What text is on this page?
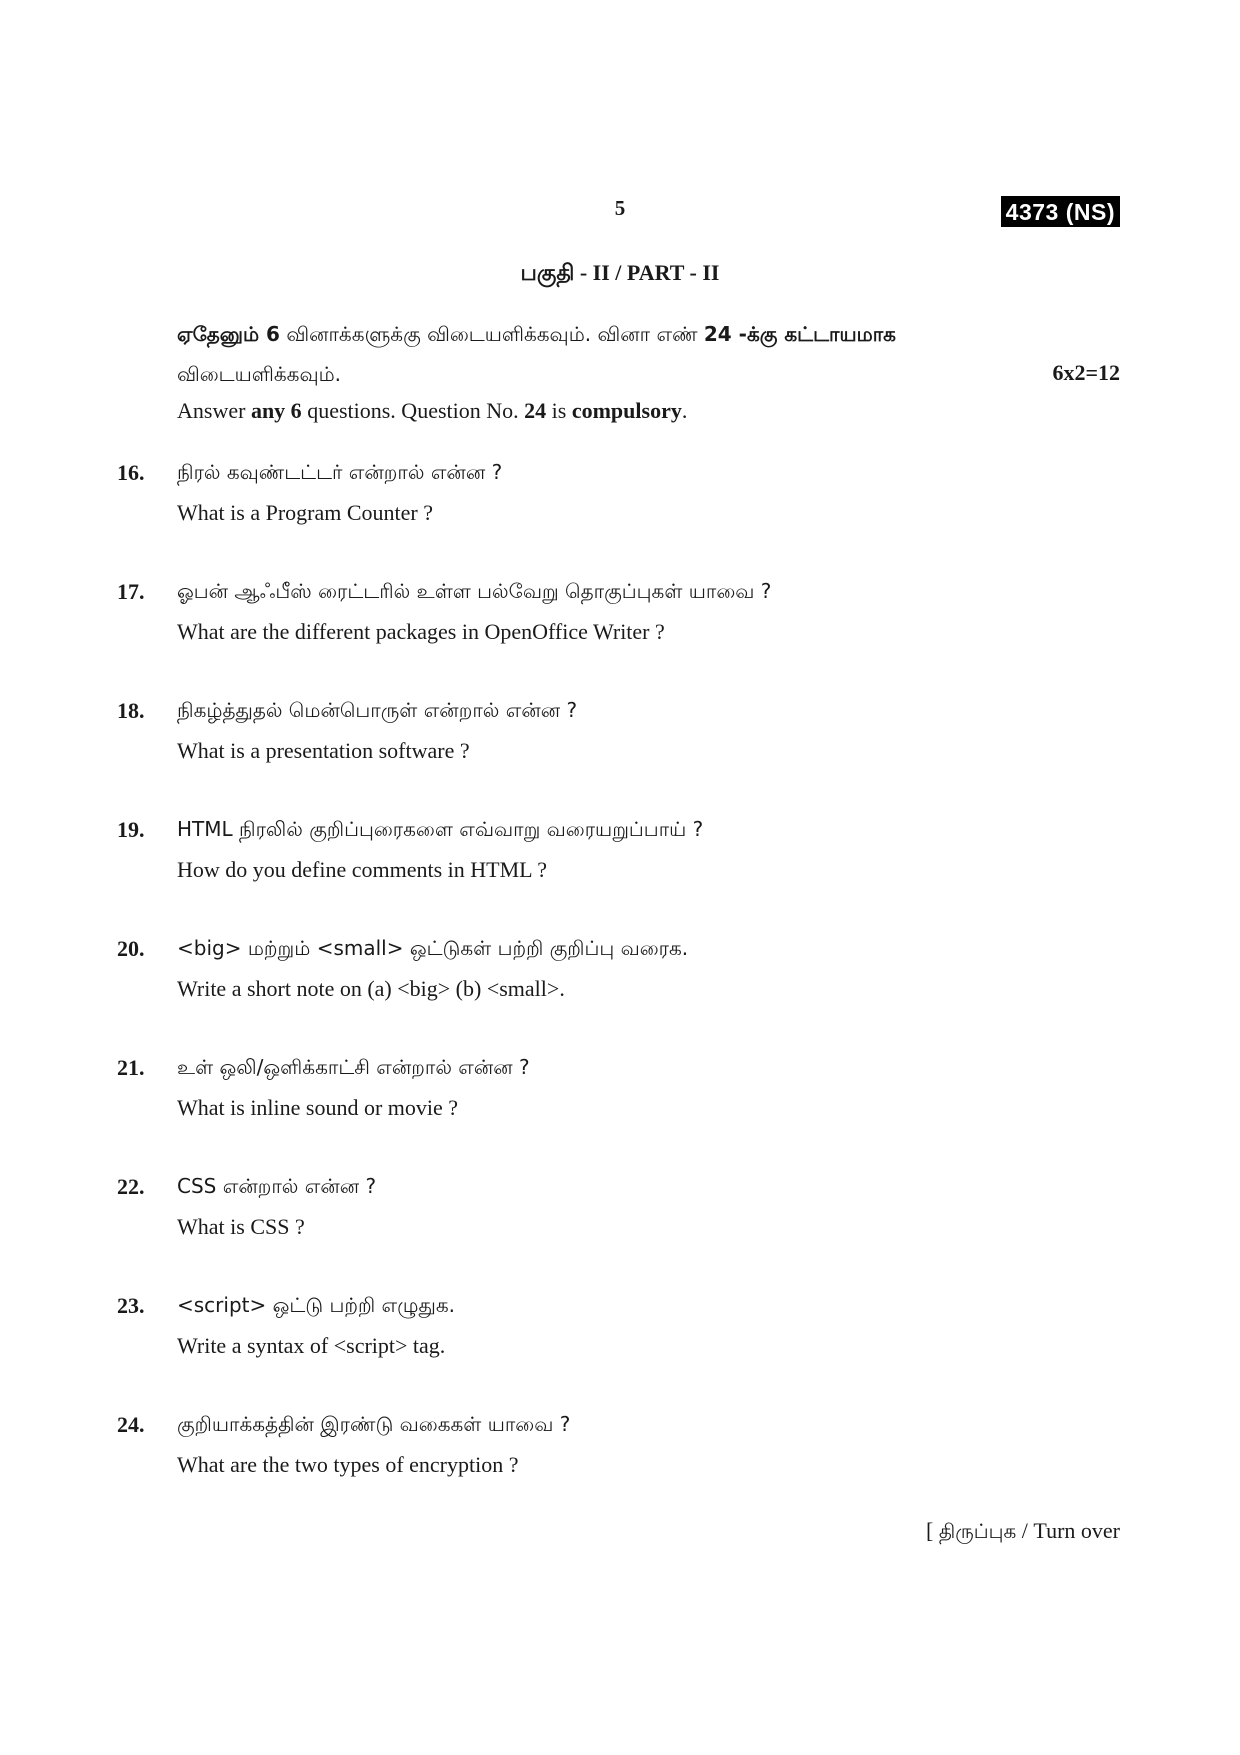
5	4373 (NS)
பகுதி - II / PART - II
ஏதேனும் 6 வினாக்களுக்கு விடையளிக்கவும். வினா எண் 24 -க்கு கட்டாயமாக
விடையளிக்கவும்.	6x2=12
Answer any 6 questions. Question No. 24 is compulsory.
16. நிரல் கவுண்டட்டர் என்றால் என்ன ?
What is a Program Counter ?
17. ஓபன் ஆஃபீஸ் ரைட்டரில் உள்ள பல்வேறு தொகுப்புகள் யாவை ?
What are the different packages in OpenOffice Writer ?
18. நிகழ்த்துதல் மென்பொருள் என்றால் என்ன ?
What is a presentation software ?
19. HTML நிரலில் குறிப்புரைகளை எவ்வாறு வரையறுப்பாய் ?
How do you define comments in HTML ?
20. <big> மற்றும் <small> ஒட்டுகள் பற்றி குறிப்பு வரைக.
Write a short note on (a) <big> (b) <small>.
21. உள் ஒலி/ஒளிக்காட்சி என்றால் என்ன ?
What is inline sound or movie ?
22. CSS என்றால் என்ன ?
What is CSS ?
23. <script> ஒட்டு பற்றி எழுதுக.
Write a syntax of <script> tag.
24. குறியாக்கத்தின் இரண்டு வகைகள் யாவை ?
What are the two types of encryption ?
[ திருப்புக / Turn over
